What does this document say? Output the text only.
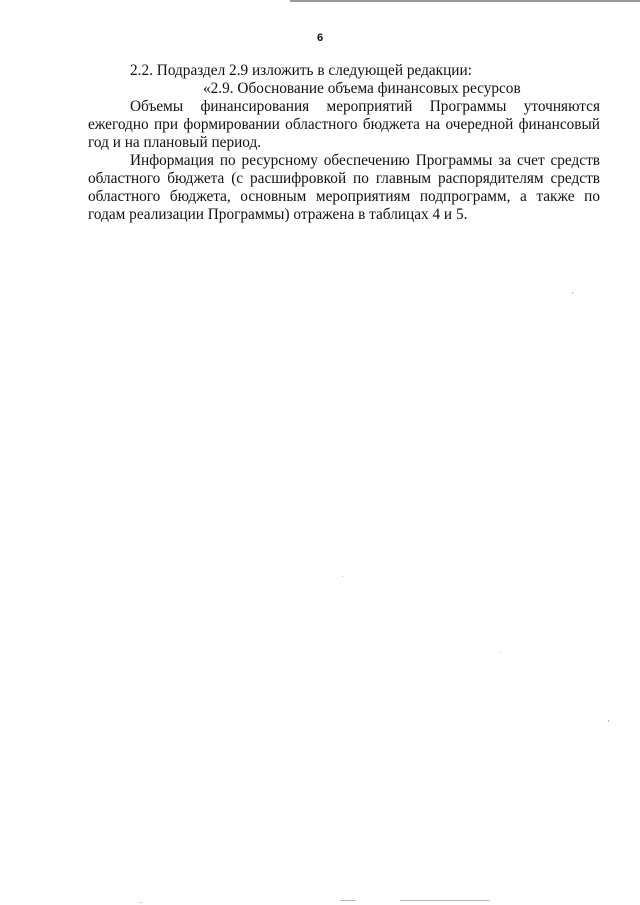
6

2.2. Подраздел 2.9 изложить в следующей редакции:

«2.9. Обоснование объема финансовых ресурсов

Объемы финансирования мероприятий Программы уточняются ежегодно при формировании областного бюджета на очередной финансовый год и на плановый период.

Информация по ресурсному обеспечению Программы за счет средств областного бюджета (с расшифровкой по главным распорядителям средств областного бюджета, основным мероприятиям подпрограмм, а также по годам реализации Программы) отражена в таблицах 4 и 5.
